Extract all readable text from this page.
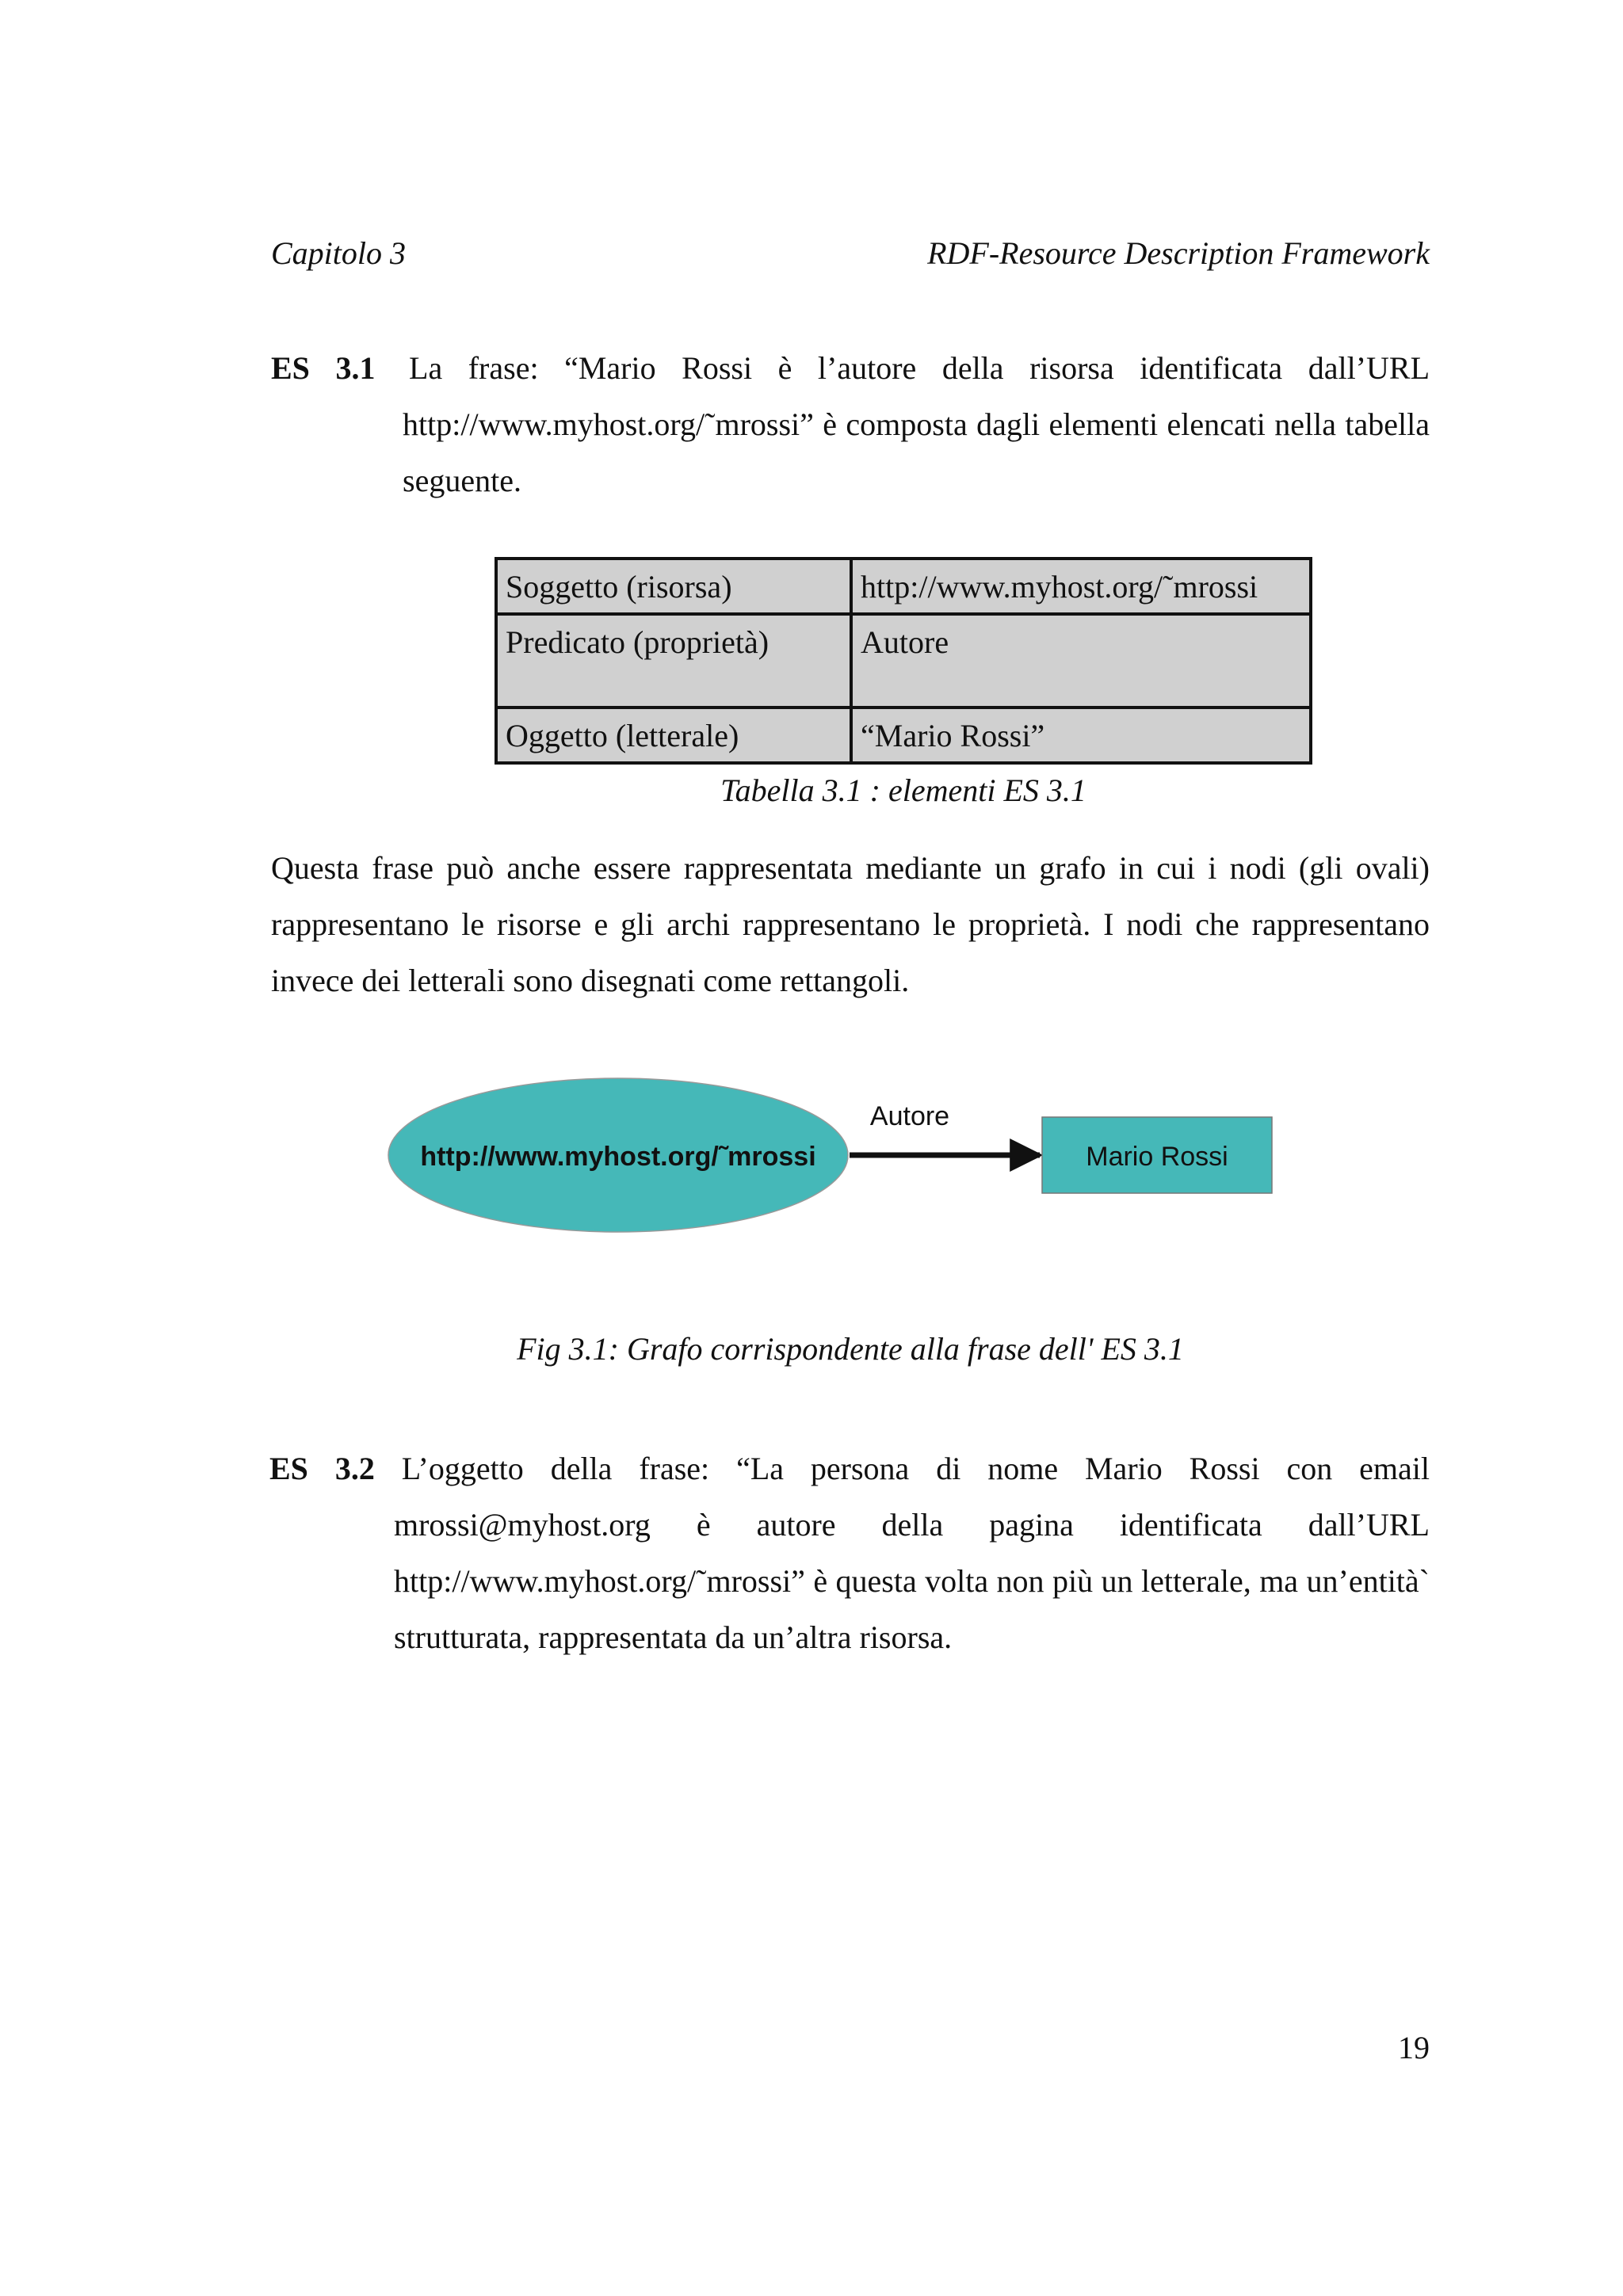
Capitolo 3	RDF-Resource Description Framework
ES 3.1 La frase: “Mario Rossi è l’autore della risorsa identificata dall’URL
http://www.myhost.org/˜mrossi” è composta dagli elementi elencati nella tabella seguente.
Soggetto (risorsa)	http://www.myhost.org/˜mrossi
Predicato (proprietà)	Autore
Oggetto (letterale)	“Mario Rossi”
Tabella 3.1 : elementi ES 3.1

Questa frase può anche essere rappresentata mediante un grafo in cui i nodi (gli ovali) rappresentano le risorse e gli archi rappresentano le proprietà. I nodi che rappresentano invece dei letterali sono disegnati come rettangoli.

http://www.myhost.org/˜mrossi
Autore
Mario Rossi
Fig 3.1: Grafo corrispondente alla frase dell' ES 3.1
ES 3.2 L’oggetto della frase: “La persona di nome Mario Rossi con email
mrossi@myhost.org è autore della pagina identificata dall’URL http://www.myhost.org/˜mrossi” è questa volta non più un letterale, ma un’entità` strutturata, rappresentata da un’altra risorsa.
19
